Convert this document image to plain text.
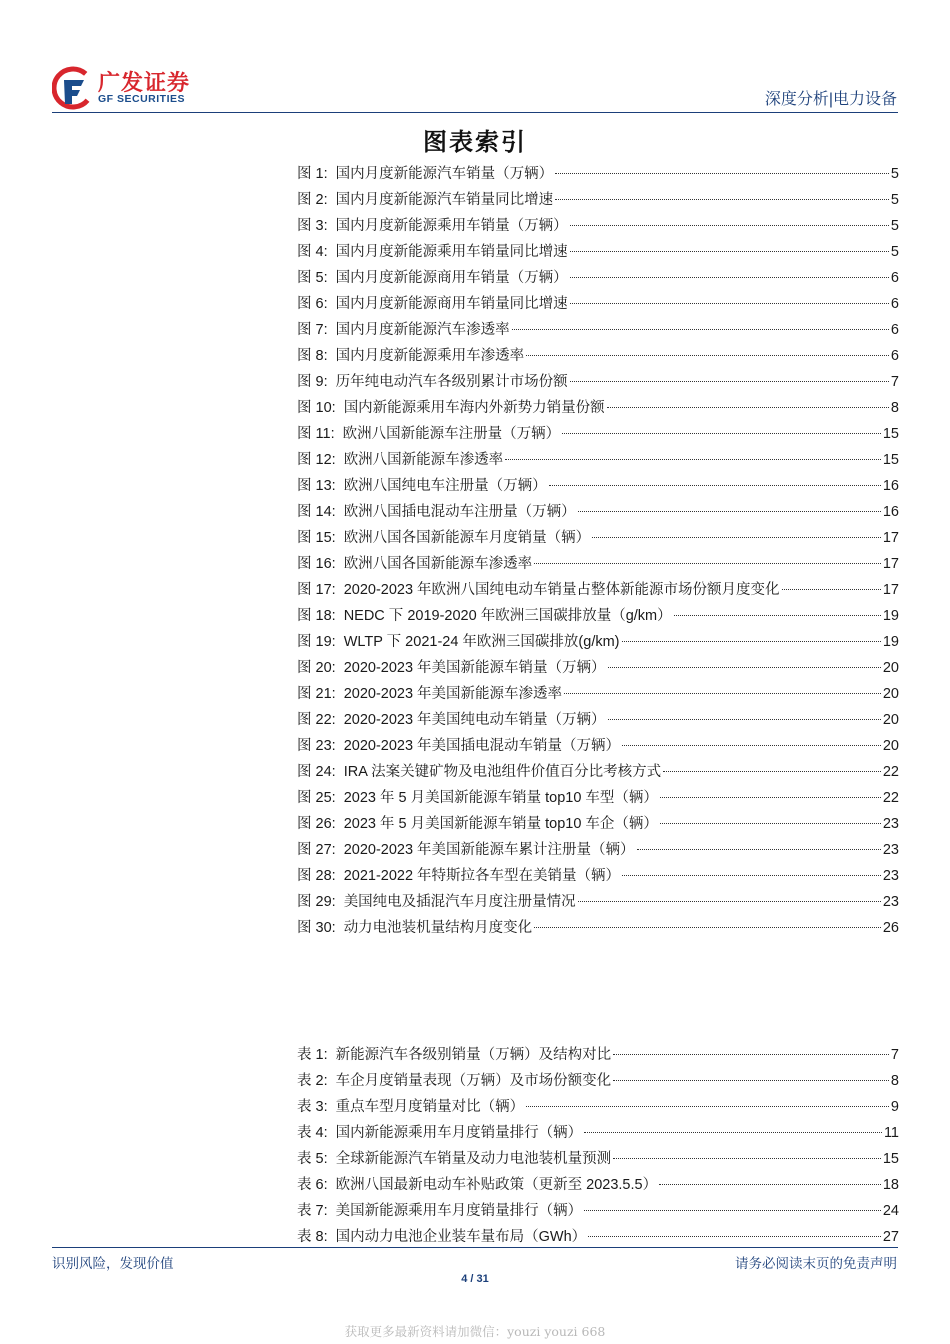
广发证券
GF SECURITIES	深度分析|电力设备
图表索引
图 1: 国内月度新能源汽车销量（万辆）	5
图 2: 国内月度新能源汽车销量同比增速	5
图 3: 国内月度新能源乘用车销量（万辆）	5
图 4: 国内月度新能源乘用车销量同比增速	5
图 5: 国内月度新能源商用车销量（万辆）	6
图 6: 国内月度新能源商用车销量同比增速	6
图 7: 国内月度新能源汽车渗透率	6
图 8: 国内月度新能源乘用车渗透率	6
图 9: 历年纯电动汽车各级别累计市场份额	7
图 10: 国内新能源乘用车海内外新势力销量份额	8
图 11: 欧洲八国新能源车注册量（万辆）	15
图 12: 欧洲八国新能源车渗透率	15
图 13: 欧洲八国纯电车注册量（万辆）	16
图 14: 欧洲八国插电混动车注册量（万辆）	16
图 15: 欧洲八国各国新能源车月度销量（辆）	17
图 16: 欧洲八国各国新能源车渗透率	17
图 17: 2020-2023 年欧洲八国纯电动车销量占整体新能源市场份额月度变化	17
图 18: NEDC 下 2019-2020 年欧洲三国碳排放量（g/km）	19
图 19: WLTP 下 2021-24 年欧洲三国碳排放(g/km)	19
图 20: 2020-2023 年美国新能源车销量（万辆）	20
图 21: 2020-2023 年美国新能源车渗透率	20
图 22: 2020-2023 年美国纯电动车销量（万辆）	20
图 23: 2020-2023 年美国插电混动车销量（万辆）	20
图 24: IRA 法案关键矿物及电池组件价值百分比考核方式	22
图 25: 2023 年 5 月美国新能源车销量 top10 车型（辆）	22
图 26: 2023 年 5 月美国新能源车销量 top10 车企（辆）	23
图 27: 2020-2023 年美国新能源车累计注册量（辆）	23
图 28: 2021-2022 年特斯拉各车型在美销量（辆）	23
图 29: 美国纯电及插混汽车月度注册量情况	23
图 30: 动力电池装机量结构月度变化	26
表 1: 新能源汽车各级别销量（万辆）及结构对比	7
表 2: 车企月度销量表现（万辆）及市场份额变化	8
表 3: 重点车型月度销量对比（辆）	9
表 4: 国内新能源乘用车月度销量排行（辆）	11
表 5: 全球新能源汽车销量及动力电池装机量预测	15
表 6: 欧洲八国最新电动车补贴政策（更新至 2023.5.5）	18
表 7: 美国新能源乘用车月度销量排行（辆）	24
表 8: 国内动力电池企业装车量布局（GWh）	27
识别风险，发现价值	请务必阅读末页的免责声明
4 / 31
获取更多最新资料请加微信：youzi youzi 668
